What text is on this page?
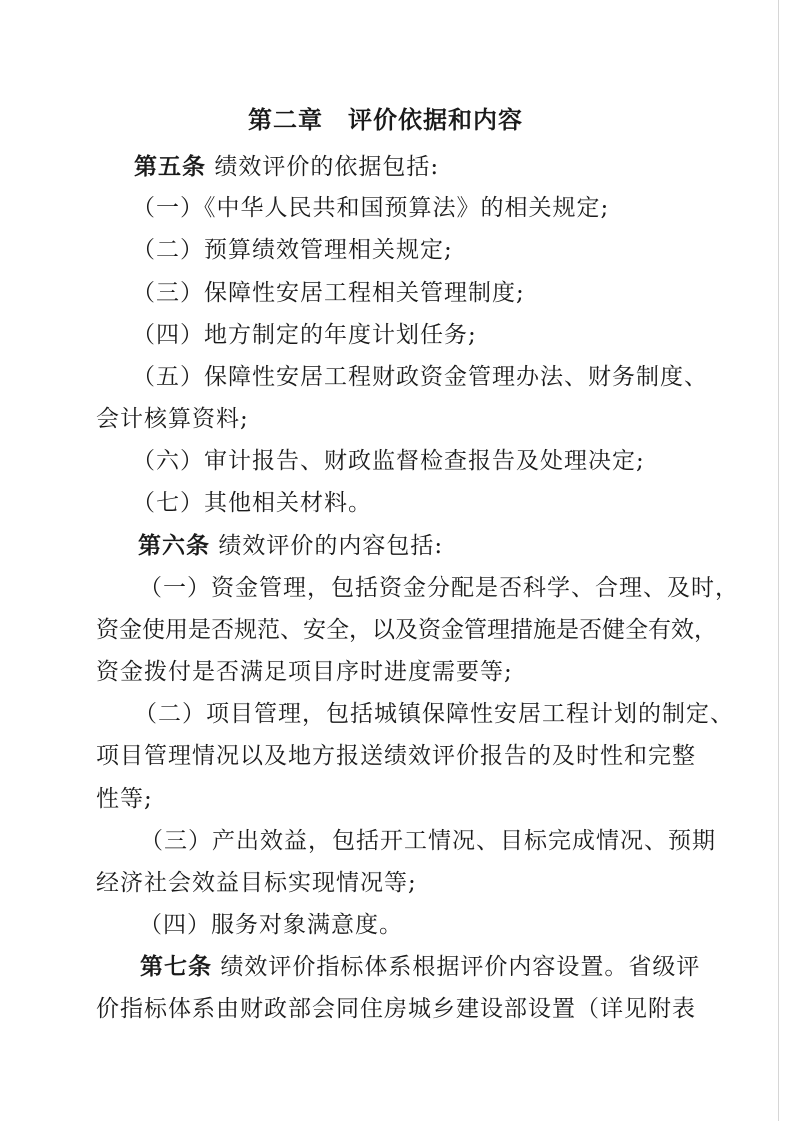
第二章　评价依据和内容
第五条 绩效评价的依据包括:
（一）《中华人民共和国预算法》的相关规定;
（二）预算绩效管理相关规定;
（三）保障性安居工程相关管理制度;
（四）地方制定的年度计划任务;
（五）保障性安居工程财政资金管理办法、财务制度、
会计核算资料;
（六）审计报告、财政监督检查报告及处理决定;
（七）其他相关材料。
第六条 绩效评价的内容包括:
（一）资金管理，包括资金分配是否科学、合理、及时，
资金使用是否规范、安全，以及资金管理措施是否健全有效，
资金拨付是否满足项目序时进度需要等;
（二）项目管理，包括城镇保障性安居工程计划的制定、
项目管理情况以及地方报送绩效评价报告的及时性和完整
性等;
（三）产出效益，包括开工情况、目标完成情况、预期
经济社会效益目标实现情况等;
（四）服务对象满意度。
第七条 绩效评价指标体系根据评价内容设置。省级评
价指标体系由财政部会同住房城乡建设部设置（详见附表
